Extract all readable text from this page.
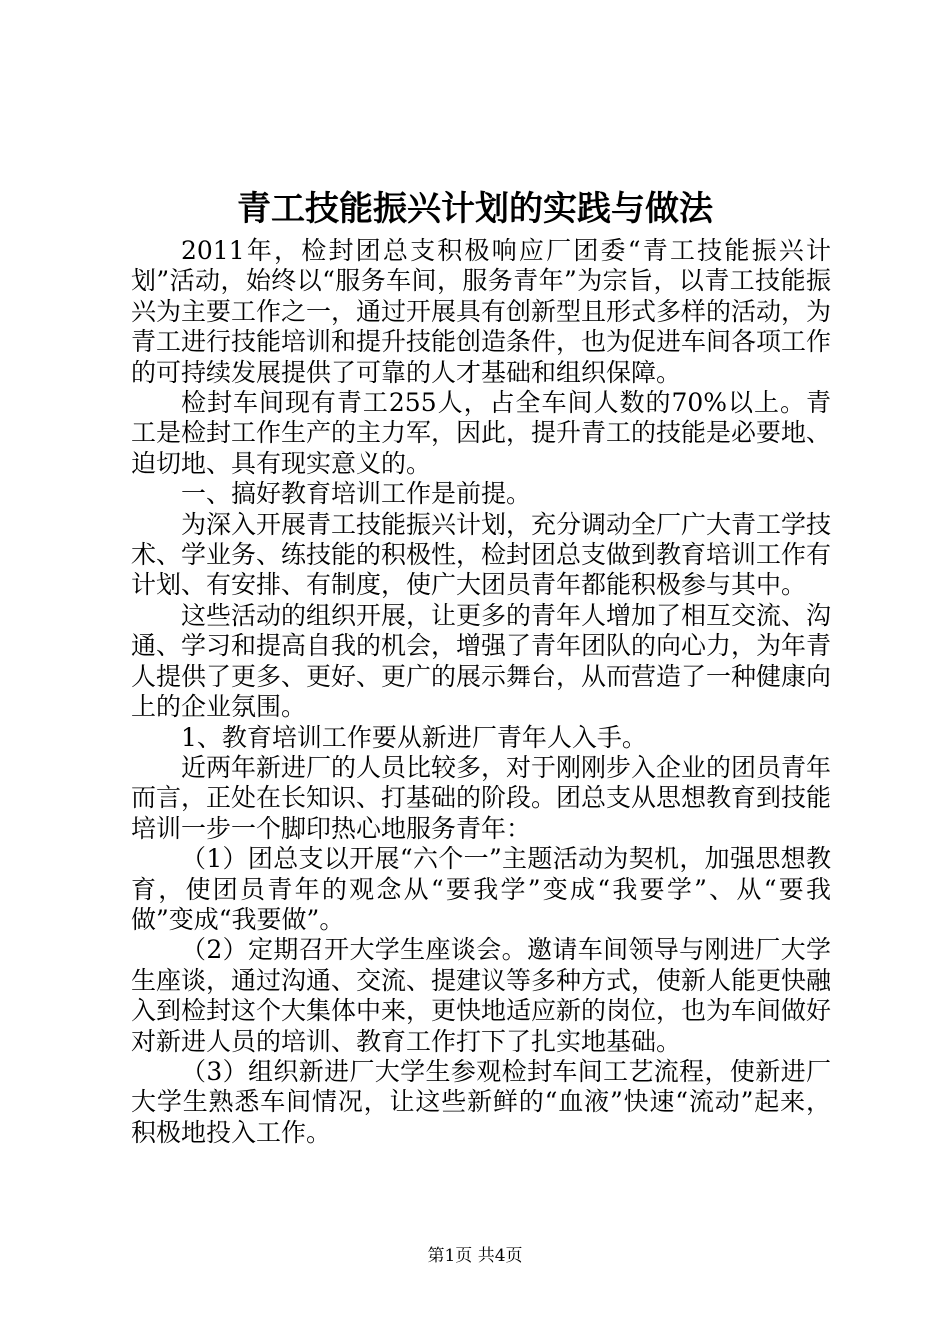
青工技能振兴计划的实践与做法

2011年，检封团总支积极响应厂团委“青工技能振兴计划”活动，始终以“服务车间，服务青年”为宗旨，以青工技能振兴为主要工作之一，通过开展具有创新型且形式多样的活动，为青工进行技能培训和提升技能创造条件，也为促进车间各项工作的可持续发展提供了可靠的人才基础和组织保障。

检封车间现有青工255人，占全车间人数的70%以上。青工是检封工作生产的主力军，因此，提升青工的技能是必要地、迫切地、具有现实意义的。

一、搞好教育培训工作是前提。

为深入开展青工技能振兴计划，充分调动全厂广大青工学技术、学业务、练技能的积极性，检封团总支做到教育培训工作有计划、有安排、有制度，使广大团员青年都能积极参与其中。

这些活动的组织开展，让更多的青年人增加了相互交流、沟通、学习和提高自我的机会，增强了青年团队的向心力，为年青人提供了更多、更好、更广的展示舞台，从而营造了一种健康向上的企业氛围。

1、教育培训工作要从新进厂青年人入手。

近两年新进厂的人员比较多，对于刚刚步入企业的团员青年而言，正处在长知识、打基础的阶段。团总支从思想教育到技能培训一步一个脚印热心地服务青年：

（1）团总支以开展“六个一”主题活动为契机，加强思想教育，使团员青年的观念从“要我学”变成“我要学”、从“要我做”变成“我要做”。

（2）定期召开大学生座谈会。邀请车间领导与刚进厂大学生座谈，通过沟通、交流、提建议等多种方式，使新人能更快融入到检封这个大集体中来，更快地适应新的岗位，也为车间做好对新进人员的培训、教育工作打下了扎实地基础。

（3）组织新进厂大学生参观检封车间工艺流程，使新进厂大学生熟悉车间情况，让这些新鲜的“血液”快速“流动”起来，积极地投入工作。

第1页 共4页
